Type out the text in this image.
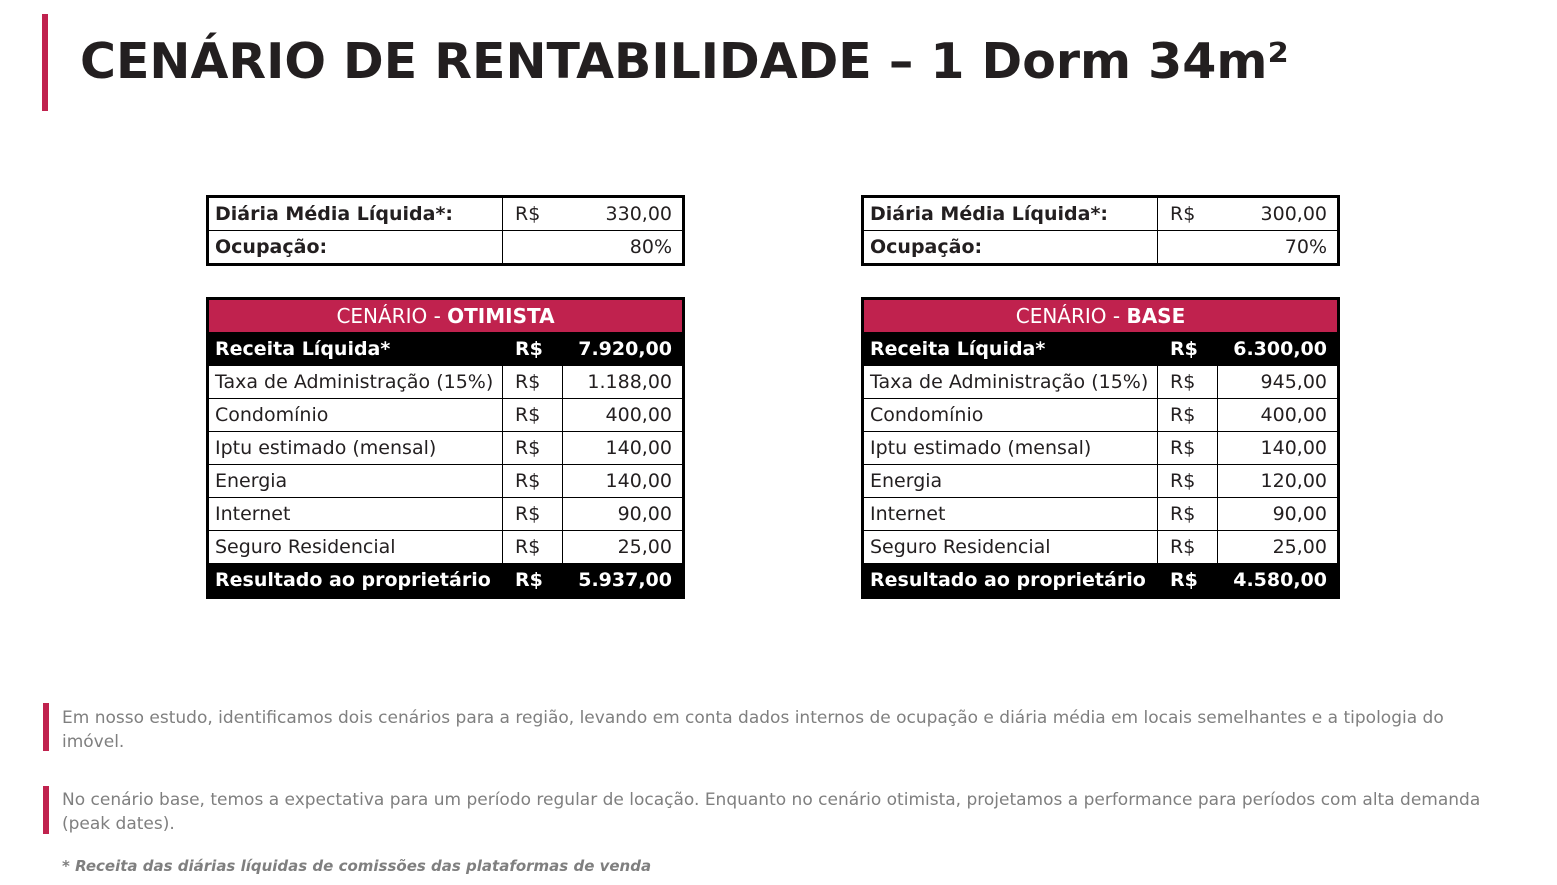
CENÁRIO DE RENTABILIDADE – 1 Dorm 34m²
Diária Média Líquida*:	R$	330,00
Ocupação:	80%	
Diária Média Líquida*:	R$	300,00
Ocupação:	70%	
CENÁRIO - OTIMISTA		
Receita Líquida*	R$	7.920,00
Taxa de Administração (15%)	R$	1.188,00
Condomínio	R$	400,00
Iptu estimado (mensal)	R$	140,00
Energia	R$	140,00
Internet	R$	90,00
Seguro Residencial	R$	25,00
Resultado ao proprietário	R$	5.937,00
CENÁRIO - BASE		
Receita Líquida*	R$	6.300,00
Taxa de Administração (15%)	R$	945,00
Condomínio	R$	400,00
Iptu estimado (mensal)	R$	140,00
Energia	R$	120,00
Internet	R$	90,00
Seguro Residencial	R$	25,00
Resultado ao proprietário	R$	4.580,00

Em nosso estudo, identificamos dois cenários para a região, levando em conta dados internos de ocupação e diária média em locais semelhantes e a tipologia do imóvel.

No cenário base, temos a expectativa para um período regular de locação. Enquanto no cenário otimista, projetamos a performance para períodos com alta demanda (peak dates).

* Receita das diárias líquidas de comissões das plataformas de venda
